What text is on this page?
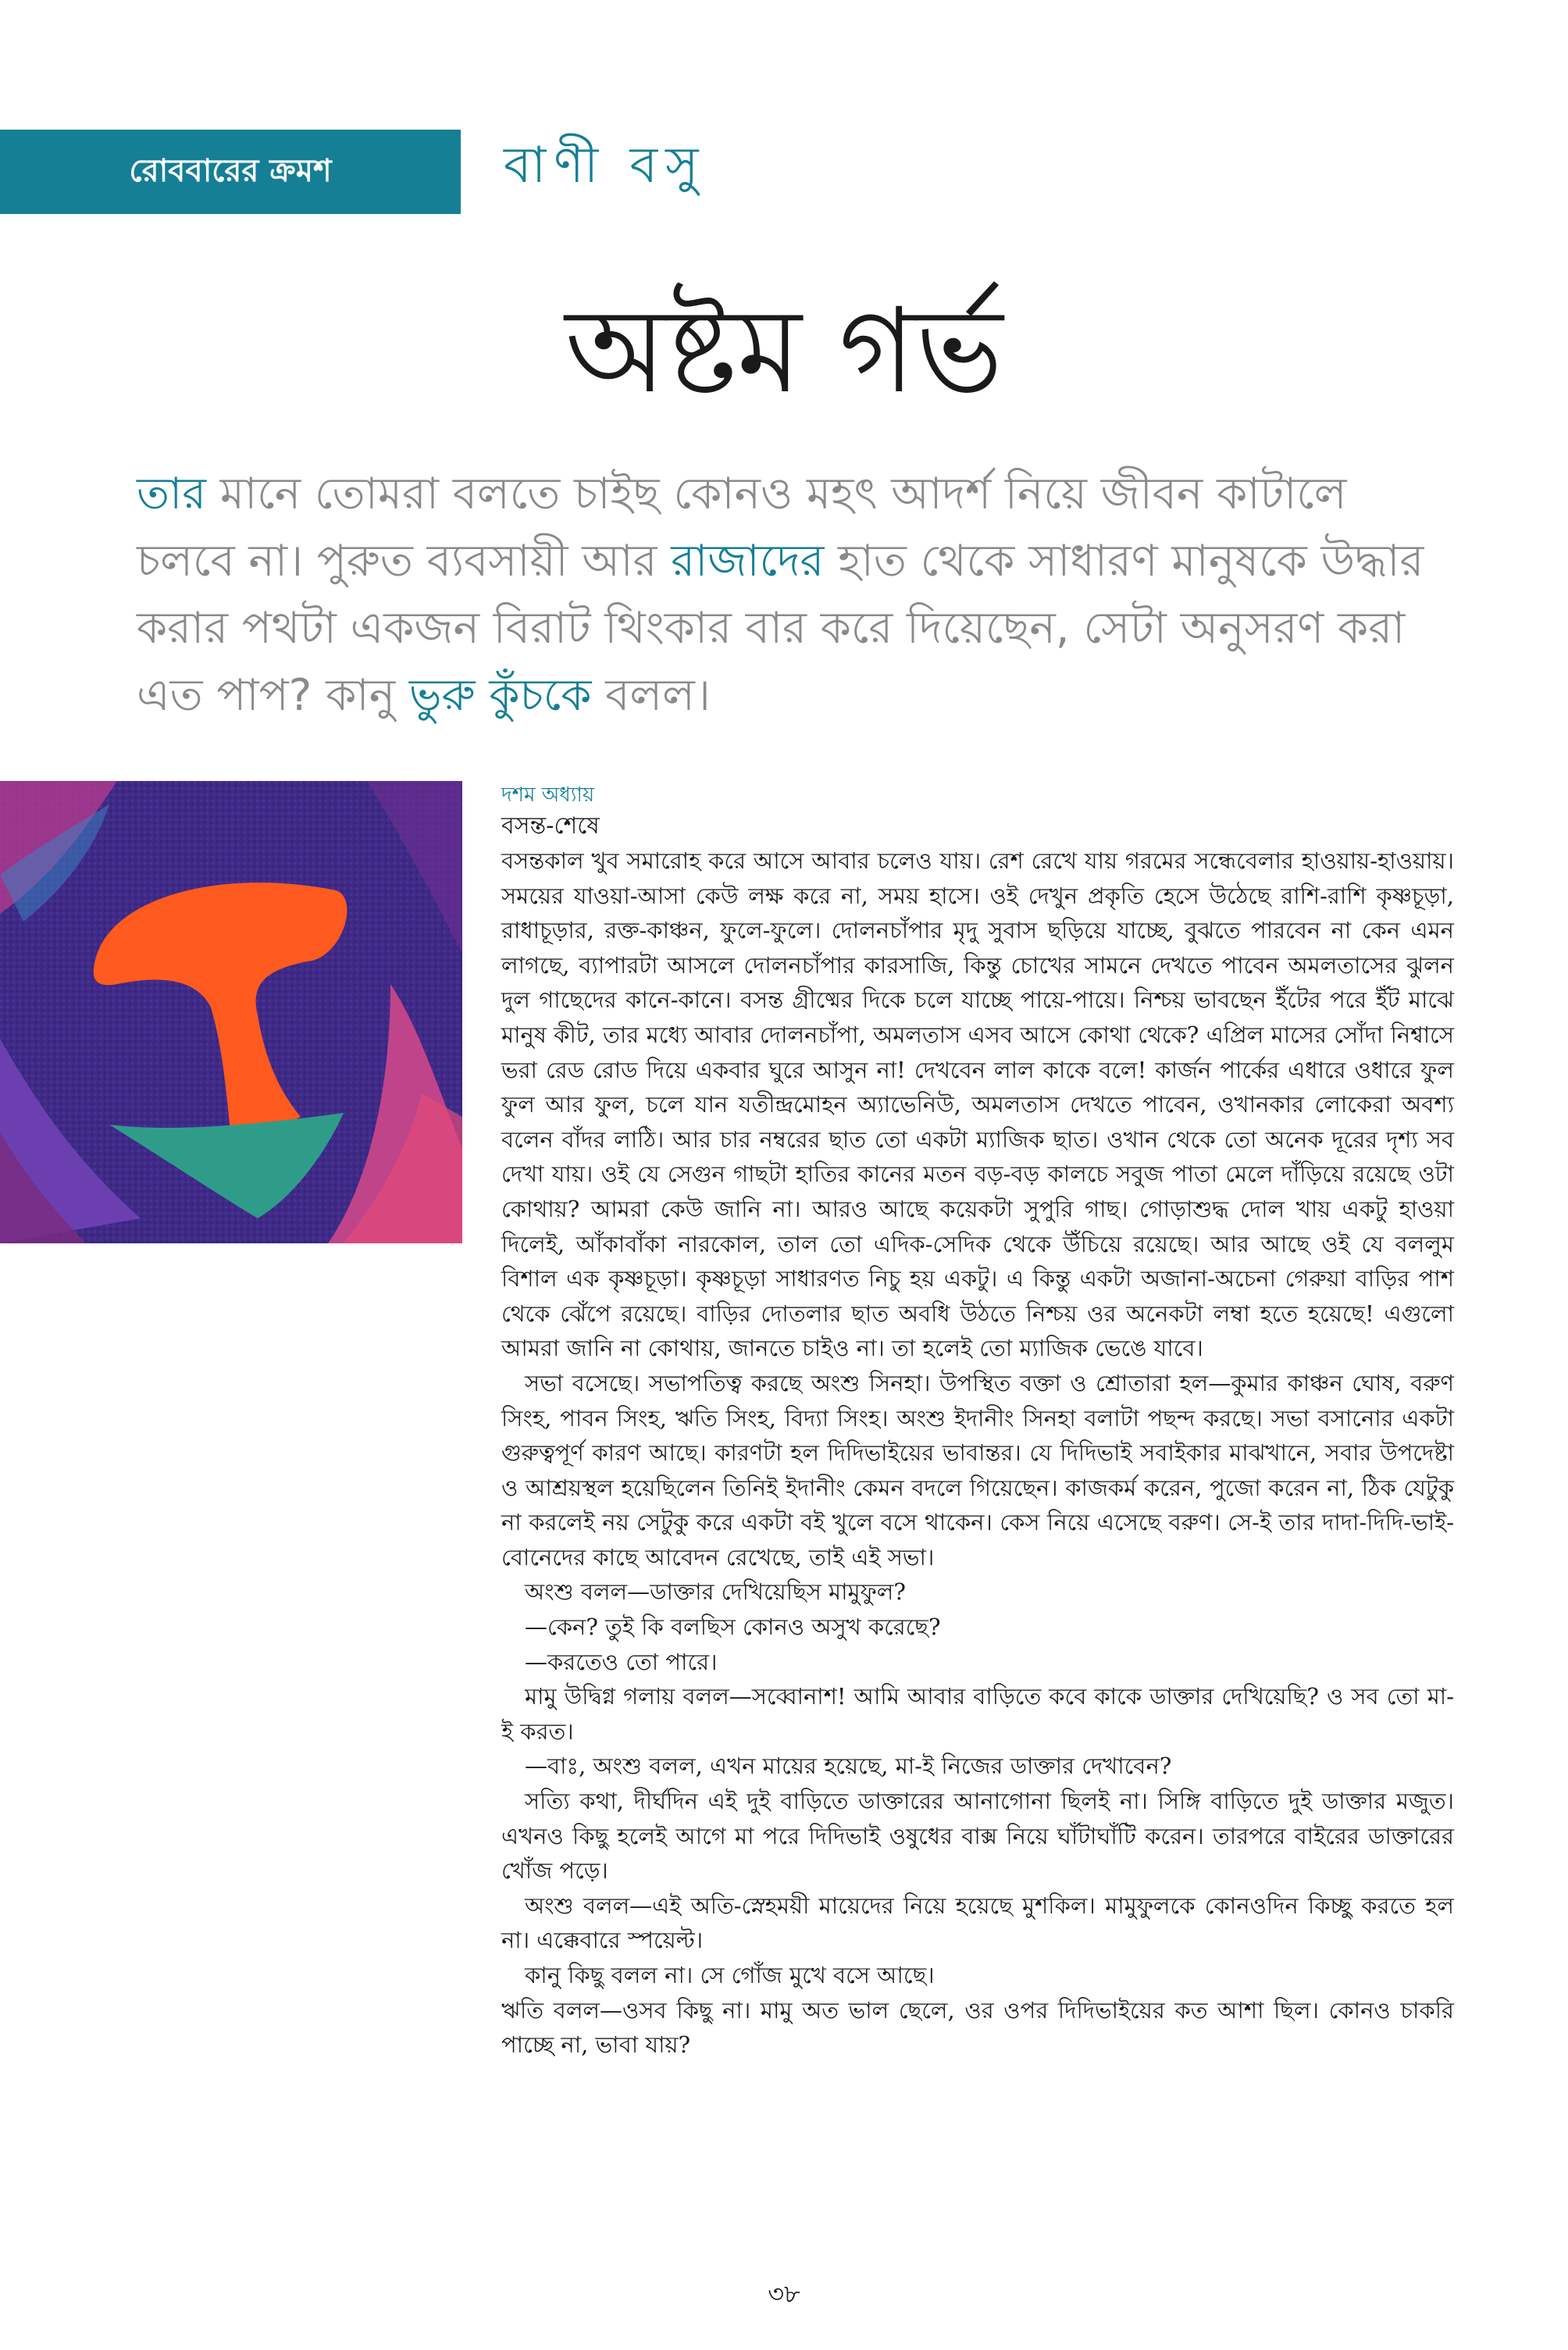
রোববারের ক্রমশ	বাণী বসু
অষ্টম গর্ভ
তার মানে তোমরা বলতে চাইছ কোনও মহৎ আদর্শ নিয়ে জীবন কাটালে চলবে না। পুরুত ব্যবসায়ী আর রাজাদের হাত থেকে সাধারণ মানুষকে উদ্ধার করার পথটা একজন বিরাট থিংকার বার করে দিয়েছেন, সেটা অনুসরণ করা এত পাপ? কানু ভুরু কুঁচকে বলল।

দশম অধ্যায়

বসন্ত-শেষে

বসন্তকাল খুব সমারোহ করে আসে আবার চলেও যায়। রেশ রেখে যায় গরমের সন্ধেবেলার হাওয়ায়-হাওয়ায়। সময়ের যাওয়া-আসা কেউ লক্ষ করে না, সময় হাসে। ওই দেখুন প্রকৃতি হেসে উঠেছে রাশি-রাশি কৃষ্ণচূড়া, রাধাচূড়ার, রক্ত-কাঞ্চন, ফুলে-ফুলে। দোলনচাঁপার মৃদু সুবাস ছড়িয়ে যাচ্ছে, বুঝতে পারবেন না কেন এমন লাগছে, ব্যাপারটা আসলে দোলনচাঁপার কারসাজি, কিন্তু চোখের সামনে দেখতে পাবেন অমলতাসের ঝুলন দুল গাছেদের কানে-কানে। বসন্ত গ্রীষ্মের দিকে চলে যাচ্ছে পায়ে-পায়ে। নিশ্চয় ভাবছেন ইঁটের পরে ইঁট মাঝে মানুষ কীট, তার মধ্যে আবার দোলনচাঁপা, অমলতাস এসব আসে কোথা থেকে? এপ্রিল মাসের সোঁদা নিশ্বাসে ভরা রেড রোড দিয়ে একবার ঘুরে আসুন না! দেখবেন লাল কাকে বলে! কার্জন পার্কের এধারে ওধারে ফুল ফুল আর ফুল, চলে যান যতীন্দ্রমোহন অ্যাভেনিউ, অমলতাস দেখতে পাবেন, ওখানকার লোকেরা অবশ্য বলেন বাঁদর লাঠি। আর চার নম্বরের ছাত তো একটা ম্যাজিক ছাত। ওখান থেকে তো অনেক দূরের দৃশ্য সব দেখা যায়। ওই যে সেগুন গাছটা হাতির কানের মতন বড়-বড় কালচে সবুজ পাতা মেলে দাঁড়িয়ে রয়েছে ওটা কোথায়? আমরা কেউ জানি না। আরও আছে কয়েকটা সুপুরি গাছ। গোড়াশুদ্ধ দোল খায় একটু হাওয়া দিলেই, আঁকাবাঁকা নারকোল, তাল তো এদিক-সেদিক থেকে উঁচিয়ে রয়েছে। আর আছে ওই যে বললুম বিশাল এক কৃষ্ণচূড়া। কৃষ্ণচূড়া সাধারণত নিচু হয় একটু। এ কিন্তু একটা অজানা-অচেনা গেরুয়া বাড়ির পাশ থেকে ঝেঁপে রয়েছে। বাড়ির দোতলার ছাত অবধি উঠতে নিশ্চয় ওর অনেকটা লম্বা হতে হয়েছে! এগুলো আমরা জানি না কোথায়, জানতে চাইও না। তা হলেই তো ম্যাজিক ভেঙে যাবে।

সভা বসেছে। সভাপতিত্ব করছে অংশু সিনহা। উপস্থিত বক্তা ও শ্রোতারা হল—কুমার কাঞ্চন ঘোষ, বরুণ সিংহ, পাবন সিংহ, ঋতি সিংহ, বিদ্যা সিংহ। অংশু ইদানীং সিনহা বলাটা পছন্দ করছে। সভা বসানোর একটা গুরুত্বপূর্ণ কারণ আছে। কারণটা হল দিদিভাইয়ের ভাবান্তর। যে দিদিভাই সবাইকার মাঝখানে, সবার উপদেষ্টা ও আশ্রয়স্থল হয়েছিলেন তিনিই ইদানীং কেমন বদলে গিয়েছেন। কাজকর্ম করেন, পুজো করেন না, ঠিক যেটুকু না করলেই নয় সেটুকু করে একটা বই খুলে বসে থাকেন। কেস নিয়ে এসেছে বরুণ। সে-ই তার দাদা-দিদি-ভাই-বোনেদের কাছে আবেদন রেখেছে, তাই এই সভা।

অংশু বলল—ডাক্তার দেখিয়েছিস মামুফুল?

—কেন? তুই কি বলছিস কোনও অসুখ করেছে?

—করতেও তো পারে।

মামু উদ্বিগ্ন গলায় বলল—সব্বোনাশ! আমি আবার বাড়িতে কবে কাকে ডাক্তার দেখিয়েছি? ও সব তো মা-ই করত।

—বাঃ, অংশু বলল, এখন মায়ের হয়েছে, মা-ই নিজের ডাক্তার দেখাবেন?

সত্যি কথা, দীর্ঘদিন এই দুই বাড়িতে ডাক্তারের আনাগোনা ছিলই না। সিঙ্গি বাড়িতে দুই ডাক্তার মজুত। এখনও কিছু হলেই আগে মা পরে দিদিভাই ওষুধের বাক্স নিয়ে ঘাঁটাঘাঁটি করেন। তারপরে বাইরের ডাক্তারের খোঁজ পড়ে।

অংশু বলল—এই অতি-স্নেহময়ী মায়েদের নিয়ে হয়েছে মুশকিল। মামুফুলকে কোনওদিন কিচ্ছু করতে হল না। এক্কেবারে স্পয়েল্ট।

কানু কিছু বলল না। সে গোঁজ মুখে বসে আছে।

ঋতি বলল—ওসব কিছু না। মামু অত ভাল ছেলে, ওর ওপর দিদিভাইয়ের কত আশা ছিল। কোনও চাকরি পাচ্ছে না, ভাবা যায়?

৩৮
